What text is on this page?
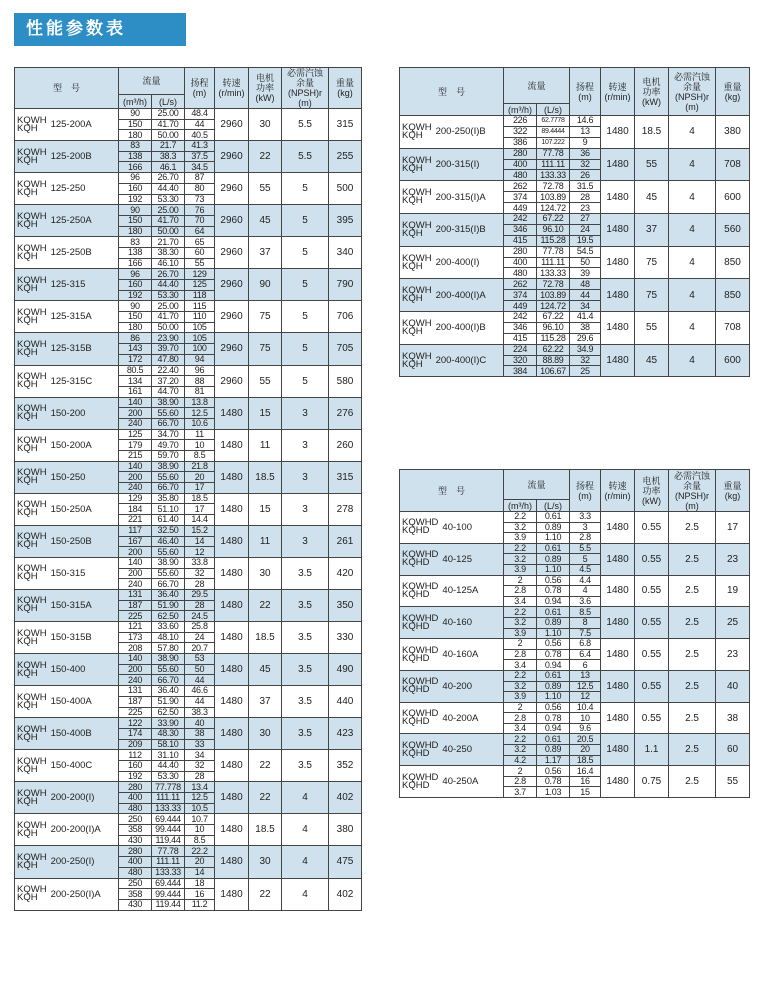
性能参数表
型　号	流量		扬程
(m)	转速
(r/min)	电机
功率
(kW)	必需汽蚀
余量
(NPSH)r
(m)	重量
(kg)
	(m³/h)	(L/s)					

KQWH
KQH 125-200A	90	25.00	48.4	2960	30	5.5	315
	150	41.70	44				
	180	50.00	40.5				

KQWH
KQH 125-200B	83	21.7	41.3	2960	22	5.5	255
	138	38.3	37.5				
	166	46.1	34.5				

KQWH
KQH 125-250	96	26.70	87	2960	55	5	500
	160	44.40	80				
	192	53.30	73				

KQWH
KQH 125-250A	90	25.00	76	2960	45	5	395
	150	41.70	70				
	180	50.00	64				

KQWH
KQH 125-250B	83	21.70	65	2960	37	5	340
	138	38.30	60				
	166	46.10	55				

KQWH
KQH 125-315	96	26.70	129	2960	90	5	790
	160	44.40	125				
	192	53.30	118				

KQWH
KQH 125-315A	90	25.00	115	2960	75	5	706
	150	41.70	110				
	180	50.00	105				

KQWH
KQH 125-315B	86	23.90	105	2960	75	5	705
	143	39.70	100				
	172	47.80	94				

KQWH
KQH 125-315C	80.5	22.40	96	2960	55	5	580
	134	37.20	88				
	161	44.70	81				

KQWH
KQH 150-200	140	38.90	13.8	1480	15	3	276
	200	55.60	12.5				
	240	66.70	10.6				

KQWH
KQH 150-200A	125	34.70	11	1480	11	3	260
	179	49.70	10				
	215	59.70	8.5				

KQWH
KQH 150-250	140	38.90	21.8	1480	18.5	3	315
	200	55.60	20				
	240	66.70	17				

KQWH
KQH 150-250A	129	35.80	18.5	1480	15	3	278
	184	51.10	17				
	221	61.40	14.4				

KQWH
KQH 150-250B	117	32.50	15.2	1480	11	3	261
	167	46.40	14				
	200	55.60	12				

KQWH
KQH 150-315	140	38.90	33.8	1480	30	3.5	420
	200	55.60	32				
	240	66.70	28				

KQWH
KQH 150-315A	131	36.40	29.5	1480	22	3.5	350
	187	51.90	28				
	225	62.50	24.5				

KQWH
KQH 150-315B	121	33.60	25.8	1480	18.5	3.5	330
	173	48.10	24				
	208	57.80	20.7				

KQWH
KQH 150-400	140	38.90	53	1480	45	3.5	490
	200	55.60	50				
	240	66.70	44				

KQWH
KQH 150-400A	131	36.40	46.6	1480	37	3.5	440
	187	51.90	44				
	225	62.50	38.3				

KQWH
KQH 150-400B	122	33.90	40	1480	30	3.5	423
	174	48.30	38				
	209	58.10	33				

KQWH
KQH 150-400C	112	31.10	34	1480	22	3.5	352
	160	44.40	32				
	192	53.30	28				

KQWH
KQH 200-200(I)	280	77.778	13.4	1480	22	4	402
	400	111.11	12.5				
	480	133.33	10.5				

KQWH
KQH 200-200(I)A	250	69.444	10.7	1480	18.5	4	380
	358	99.444	10				
	430	119.44	8.5				

KQWH
KQH 200-250(I)	280	77.78	22.2	1480	30	4	475
	400	111.11	20				
	480	133.33	14				

KQWH
KQH 200-250(I)A	250	69.444	18	1480	22	4	402
	358	99.444	16				
	430	119.44	11.2				
型　号	流量		扬程
(m)	转速
(r/min)	电机
功率
(kW)	必需汽蚀
余量
(NPSH)r
(m)	重量
(kg)
	(m³/h)	(L/s)					

KQWH
KQH 200-250(I)B	226	62.7778	14.6	1480	18.5	4	380
	322	89.4444	13				
	386	107.222	9				

KQWH
KQH 200-315(I)	280	77.78	36	1480	55	4	708
	400	111.11	32				
	480	133.33	26				

KQWH
KQH 200-315(I)A	262	72.78	31.5	1480	45	4	600
	374	103.89	28				
	449	124.72	23				

KQWH
KQH 200-315(I)B	242	67.22	27	1480	37	4	560
	346	96.10	24				
	415	115.28	19.5				

KQWH
KQH 200-400(I)	280	77.78	54.5	1480	75	4	850
	400	111.11	50				
	480	133.33	39				

KQWH
KQH 200-400(I)A	262	72.78	48	1480	75	4	850
	374	103.89	44				
	449	124.72	34				

KQWH
KQH 200-400(I)B	242	67.22	41.4	1480	55	4	708
	346	96.10	38				
	415	115.28	29.6				

KQWH
KQH 200-400(I)C	224	62.22	34.9	1480	45	4	600
	320	88.89	32				
	384	106.67	25				
型　号	流量		扬程
(m)	转速
(r/min)	电机
功率
(kW)	必需汽蚀
余量
(NPSH)r
(m)	重量
(kg)
	(m³/h)	(L/s)					

KQWHD
KQHD 40-100	2.2	0.61	3.3	1480	0.55	2.5	17
	3.2	0.89	3				
	3.9	1.10	2.8				

KQWHD
KQHD 40-125	2.2	0.61	5.5	1480	0.55	2.5	23
	3.2	0.89	5				
	3.9	1.10	4.5				

KQWHD
KQHD 40-125A	2	0.56	4.4	1480	0.55	2.5	19
	2.8	0.78	4				
	3.4	0.94	3.6				

KQWHD
KQHD 40-160	2.2	0.61	8.5	1480	0.55	2.5	25
	3.2	0.89	8				
	3.9	1.10	7.5				

KQWHD
KQHD 40-160A	2	0.56	6.8	1480	0.55	2.5	23
	2.8	0.78	6.4				
	3.4	0.94	6				

KQWHD
KQHD 40-200	2.2	0.61	13	1480	0.55	2.5	40
	3.2	0.89	12.5				
	3.9	1.10	12				

KQWHD
KQHD 40-200A	2	0.56	10.4	1480	0.55	2.5	38
	2.8	0.78	10				
	3.4	0.94	9.6				

KQWHD
KQHD 40-250	2.2	0.61	20.5	1480	1.1	2.5	60
	3.2	0.89	20				
	4.2	1.17	18.5				

KQWHD
KQHD 40-250A	2	0.56	16.4	1480	0.75	2.5	55
	2.8	0.78	16				
	3.7	1.03	15				
